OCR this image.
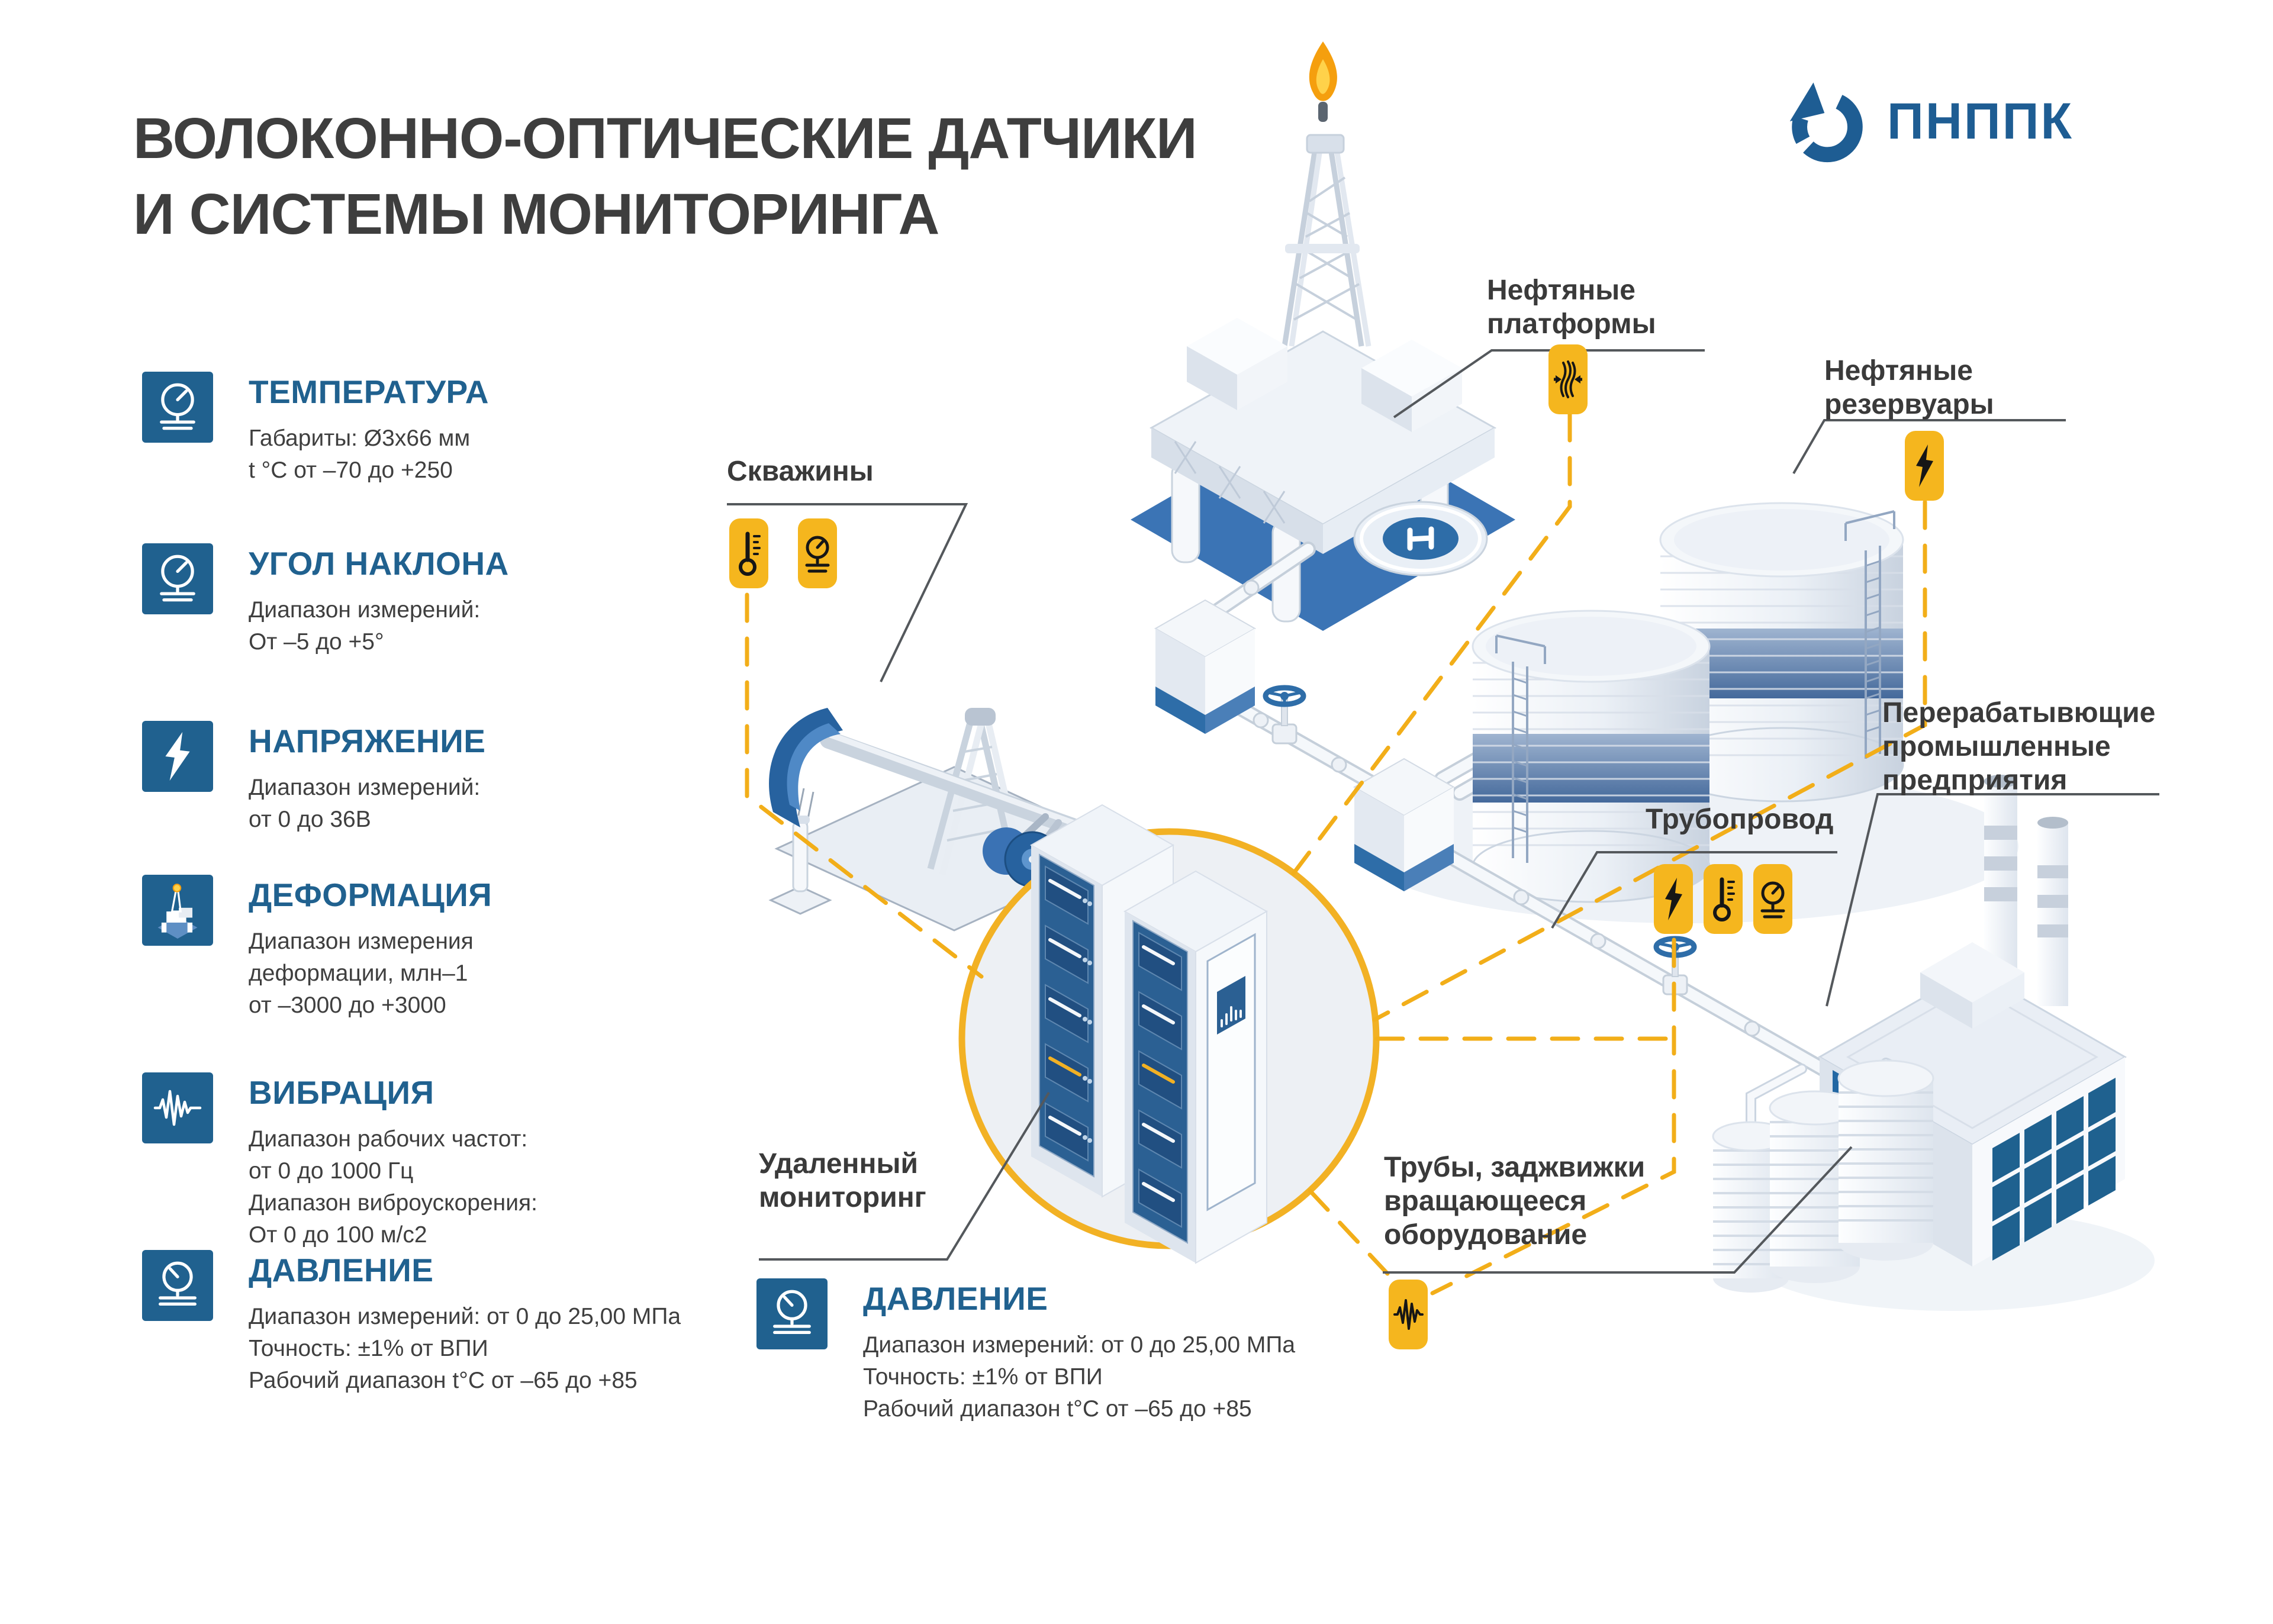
ВОЛОКОННО-ОПТИЧЕСКИЕ ДАТЧИКИ
И СИСТЕМЫ МОНИТОРИНГА
ПНППК
ТЕМПЕРАТУРА
Габариты: Ø3х66 мм
t °C от –70 до +250
УГОЛ НАКЛОНА
Диапазон измерений:
От –5 до +5°
НАПРЯЖЕНИЕ
Диапазон измерений:
от 0 до 36В
ДЕФОРМАЦИЯ
Диапазон измерения
деформации, млн–1
от –3000 до +3000
ВИБРАЦИЯ
Диапазон рабочих частот:
от 0 до 1000 Гц
Диапазон виброускорения:
От 0 до 100 м/с2
ДАВЛЕНИЕ
Диапазон измерений: от 0 до 25,00 МПа
Точность: ±1% от ВПИ
Рабочий диапазон t°C от –65 до +85
ДАВЛЕНИЕ
Диапазон измерений: от 0 до 25,00 МПа
Точность: ±1% от ВПИ
Рабочий диапазон t°C от –65 до +85
Скважины
Нефтяные
платформы
Нефтяные
резервуары
Трубопровод
Перерабатывющие
промышленные
предприятия
Удаленный
мониторинг
Трубы, заджвижки
вращающееся
оборудование
